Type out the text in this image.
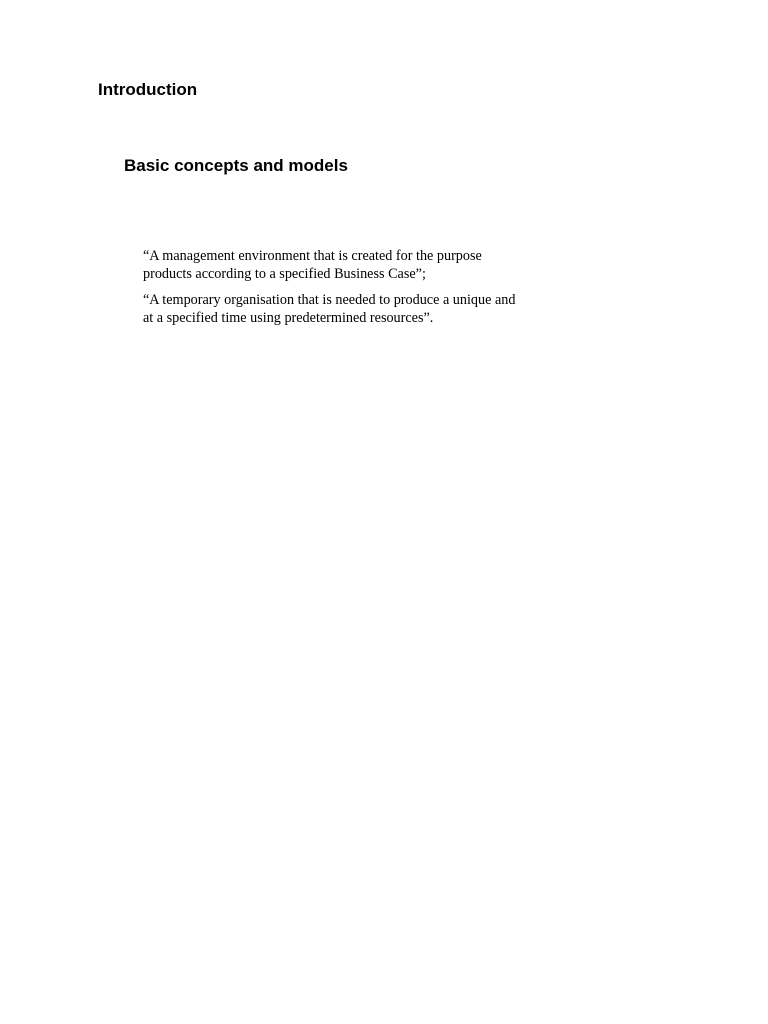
Introduction
Basic concepts and models

“A management environment that is created for the purpose
products according to a specified Business Case”;

“A temporary organisation that is needed to produce a unique and
at a specified time using predetermined resources”.
